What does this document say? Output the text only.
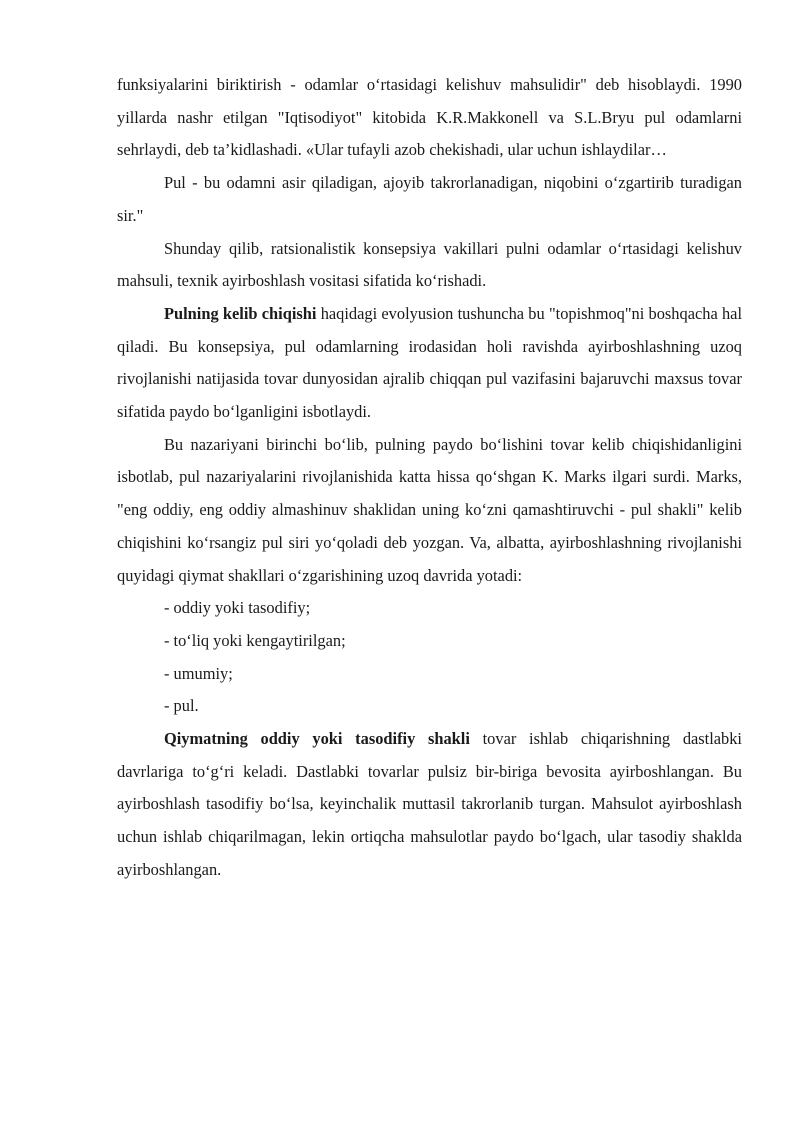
funksiyalarini biriktirish - odamlar o‘rtasidagi kelishuv mahsulidir" deb hisoblaydi. 1990 yillarda nashr etilgan "Iqtisodiyot" kitobida K.R.Makkonell va S.L.Bryu pul odamlarni sehrlaydi, deb ta’kidlashadi. «Ular tufayli azob chekishadi, ular uchun ishlaydilar…

Pul - bu odamni asir qiladigan, ajoyib takrorlanadigan, niqobini o‘zgartirib turadigan sir."

Shunday qilib, ratsionalistik konsepsiya vakillari pulni odamlar o‘rtasidagi kelishuv mahsuli, texnik ayirboshlash vositasi sifatida ko‘rishadi.

Pulning kelib chiqishi haqidagi evolyusion tushuncha bu "topishmoq"ni boshqacha hal qiladi. Bu konsepsiya, pul odamlarning irodasidan holi ravishda ayirboshlashning uzoq rivojlanishi natijasida tovar dunyosidan ajralib chiqqan pul vazifasini bajaruvchi maxsus tovar sifatida paydo bo‘lganligini isbotlaydi.

Bu nazariyani birinchi bo‘lib, pulning paydo bo‘lishini tovar kelib chiqishidanligini isbotlab, pul nazariyalarini rivojlanishida katta hissa qo‘shgan K. Marks ilgari surdi. Marks, "eng oddiy, eng oddiy almashinuv shaklidan uning ko‘zni qamashtiruvchi - pul shakli" kelib chiqishini ko‘rsangiz pul siri yo‘qoladi deb yozgan. Va, albatta, ayirboshlashning rivojlanishi quyidagi qiymat shakllari o‘zgarishining uzoq davrida yotadi:

- oddiy yoki tasodifiy;

- to‘liq yoki kengaytirilgan;

- umumiy;

- pul.

Qiymatning oddiy yoki tasodifiy shakli tovar ishlab chiqarishning dastlabki davrlariga to‘g‘ri keladi. Dastlabki tovarlar pulsiz bir-biriga bevosita ayirboshlangan. Bu ayirboshlash tasodifiy bo‘lsa, keyinchalik muttasil takrorlanib turgan. Mahsulot ayirboshlash uchun ishlab chiqarilmagan, lekin ortiqcha mahsulotlar paydo bo‘lgach, ular tasodiy shaklda ayirboshlangan.
